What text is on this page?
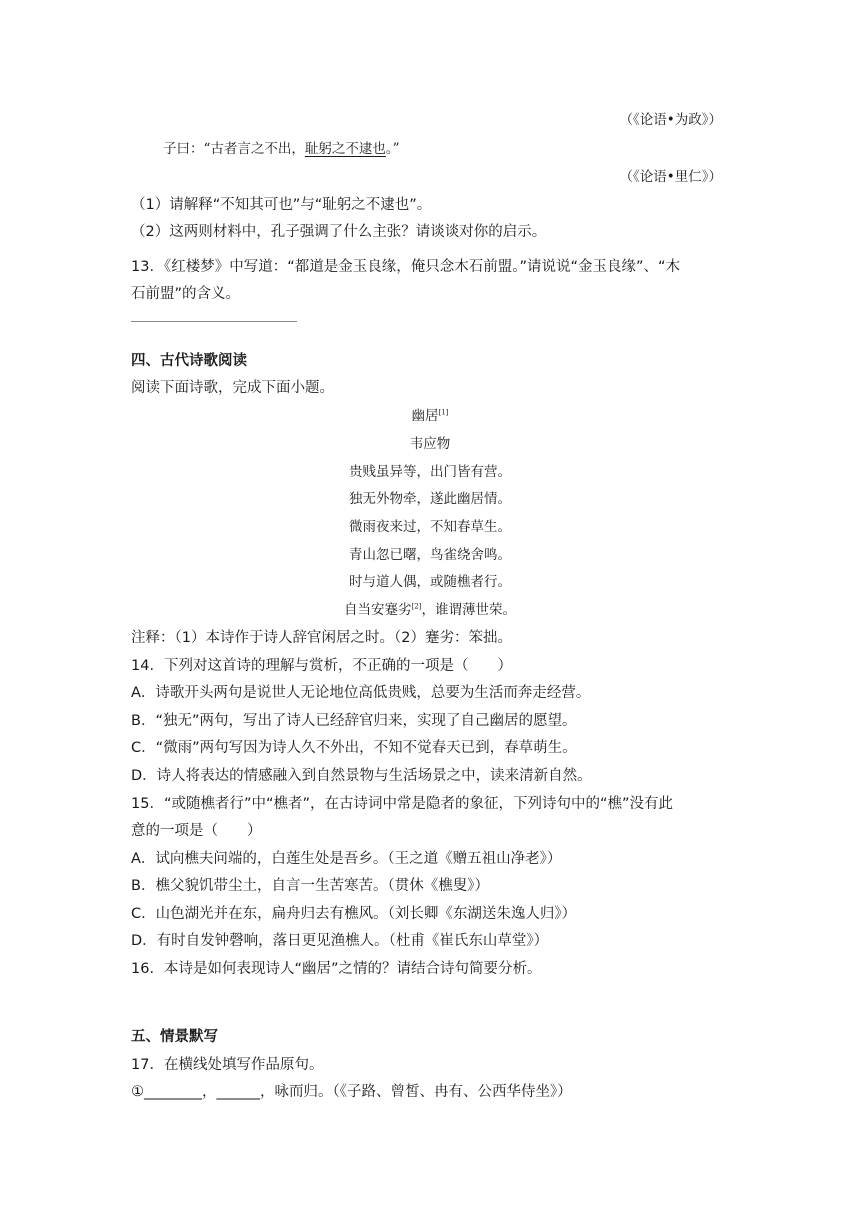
（《论语•为政》）
子曰：“古者言之不出，耻躬之不逮也。”
（《论语•里仁》）
（1）请解释“不知其可也”与“耻躬之不逮也”。
（2）这两则材料中，孔子强调了什么主张？请谈谈对你的启示。
13．《红楼梦》中写道：“都道是金玉良缘，俺只念木石前盟。”请说说“金玉良缘”、“木
石前盟”的含义。
四、古代诗歌阅读
阅读下面诗歌，完成下面小题。
幽居[1]
韦应物
贵贱虽异等，出门皆有营。
独无外物牵，遂此幽居情。
微雨夜来过，不知春草生。
青山忽已曙，鸟雀绕舍鸣。
时与道人偶，或随樵者行。
自当安蹇劣[2]，谁谓薄世荣。
注释：（1）本诗作于诗人辞官闲居之时。（2）蹇劣：笨拙。
14．下列对这首诗的理解与赏析，不正确的一项是（　　）
A．诗歌开头两句是说世人无论地位高低贵贱，总要为生活而奔走经营。
B．“独无”两句，写出了诗人已经辞官归来，实现了自己幽居的愿望。
C．“微雨”两句写因为诗人久不外出，不知不觉春天已到，春草萌生。
D．诗人将表达的情感融入到自然景物与生活场景之中，读来清新自然。
15．“或随樵者行”中“樵者”，在古诗词中常是隐者的象征，下列诗句中的“樵”没有此
意的一项是（　　）
A．试向樵夫问端的，白莲生处是吾乡。（王之道《赠五祖山净老》）
B．樵父貌饥带尘土，自言一生苦寒苦。（贯休《樵叟》）
C．山色湖光并在东，扁舟归去有樵风。（刘长卿《东湖送朱逸人归》）
D．有时自发钟磬响，落日更见渔樵人。（杜甫《崔氏东山草堂》）
16．本诗是如何表现诗人“幽居”之情的？请结合诗句简要分析。
五、情景默写
17．在横线处填写作品原句。
①________，______，咏而归。（《子路、曾皙、冉有、公西华侍坐》）
